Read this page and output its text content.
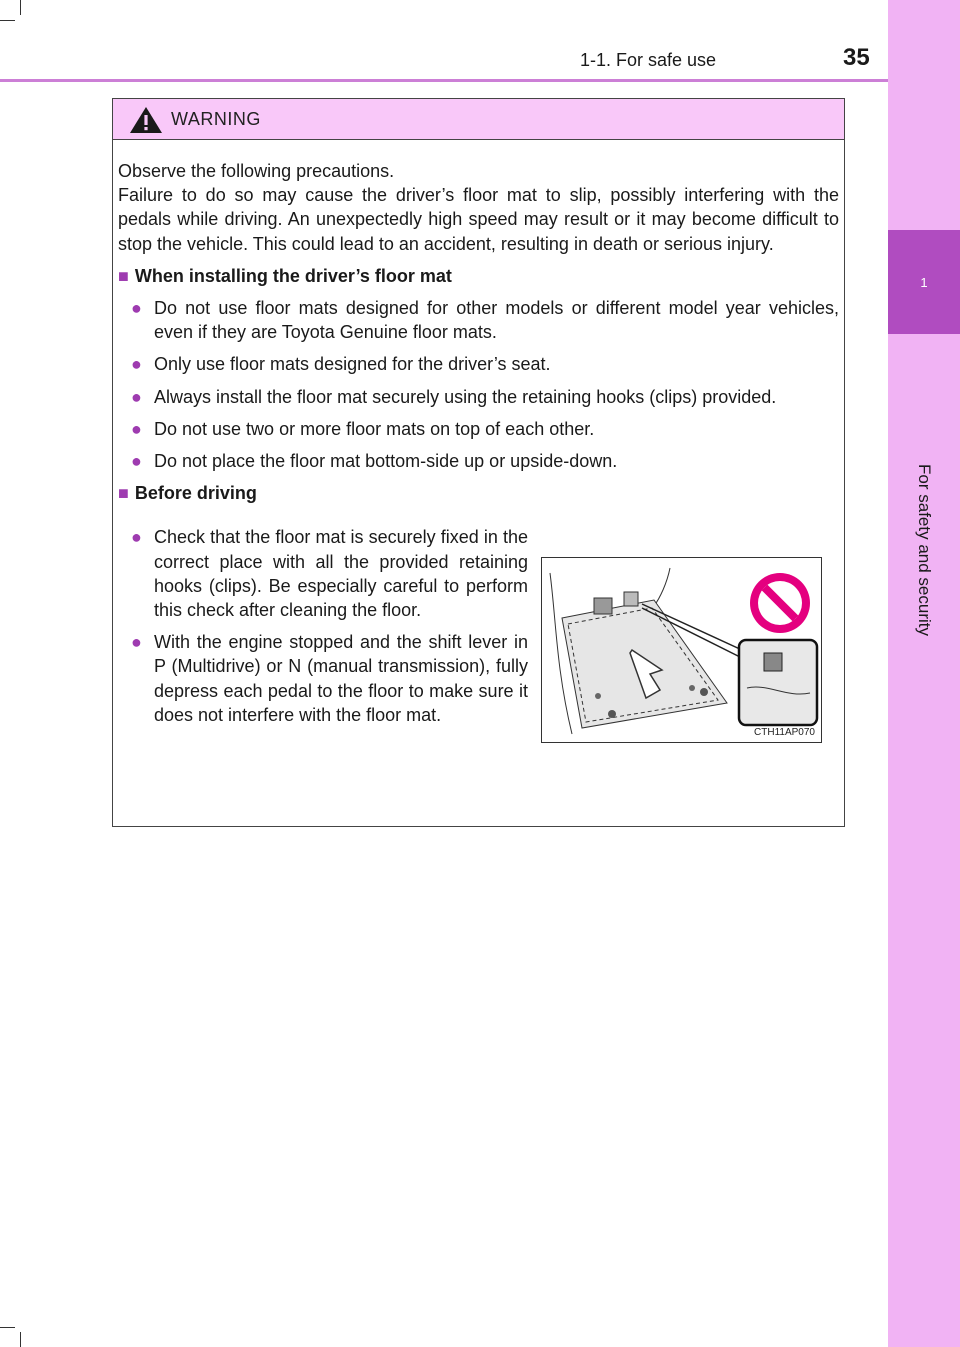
1-1. For safe use	35
1
For safety and security
WARNING

Observe the following precautions.

Failure to do so may cause the driver’s floor mat to slip, possibly interfering with the pedals while driving. An unexpectedly high speed may result or it may become difficult to stop the vehicle. This could lead to an accident, resulting in death or serious injury.

■ When installing the driver’s floor mat
● Do not use floor mats designed for other models or different model year vehicles, even if they are Toyota Genuine floor mats.
● Only use floor mats designed for the driver’s seat.
● Always install the floor mat securely using the retaining hooks (clips) provided.
● Do not use two or more floor mats on top of each other.
● Do not place the floor mat bottom-side up or upside-down.
■ Before driving
● Check that the floor mat is securely fixed in the correct place with all the provided retaining hooks (clips). Be especially careful to perform this check after cleaning the floor.
● With the engine stopped and the shift lever in P (Multidrive) or N (manual transmission), fully depress each pedal to the floor to make sure it does not interfere with the floor mat.
CTH11AP070
